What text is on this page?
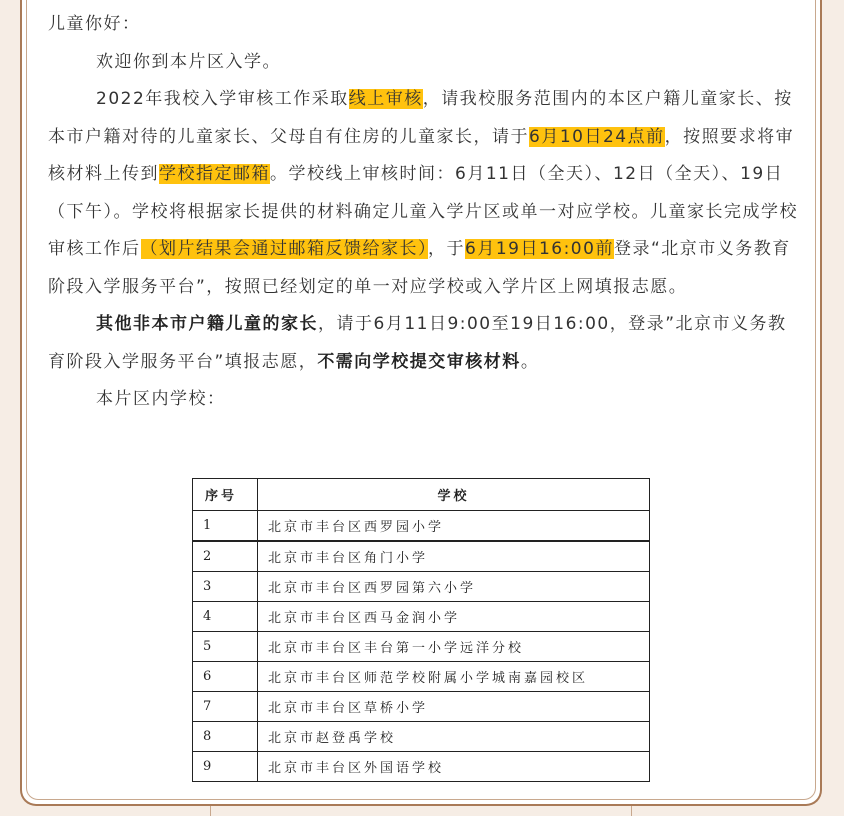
儿童你好：

欢迎你到本片区入学。

2022年我校入学审核工作采取线上审核，请我校服务范围内的本区户籍儿童家长、按本市户籍对待的儿童家长、父母自有住房的儿童家长，请于6月10日24点前，按照要求将审核材料上传到学校指定邮箱。学校线上审核时间：6月11日（全天）、12日（全天）、19日（下午）。学校将根据家长提供的材料确定儿童入学片区或单一对应学校。儿童家长完成学校审核工作后（划片结果会通过邮箱反馈给家长），于6月19日16:00前登录“北京市义务教育阶段入学服务平台”，按照已经划定的单一对应学校或入学片区上网填报志愿。

其他非本市户籍儿童的家长，请于6月11日9:00至19日16:00，登录”北京市义务教育阶段入学服务平台”填报志愿，不需向学校提交审核材料。

本片区内学校：

序号	学校
1	北京市丰台区西罗园小学
2	北京市丰台区角门小学
3	北京市丰台区西罗园第六小学
4	北京市丰台区西马金润小学
5	北京市丰台区丰台第一小学远洋分校
6	北京市丰台区师范学校附属小学城南嘉园校区
7	北京市丰台区草桥小学
8	北京市赵登禹学校
9	北京市丰台区外国语学校
